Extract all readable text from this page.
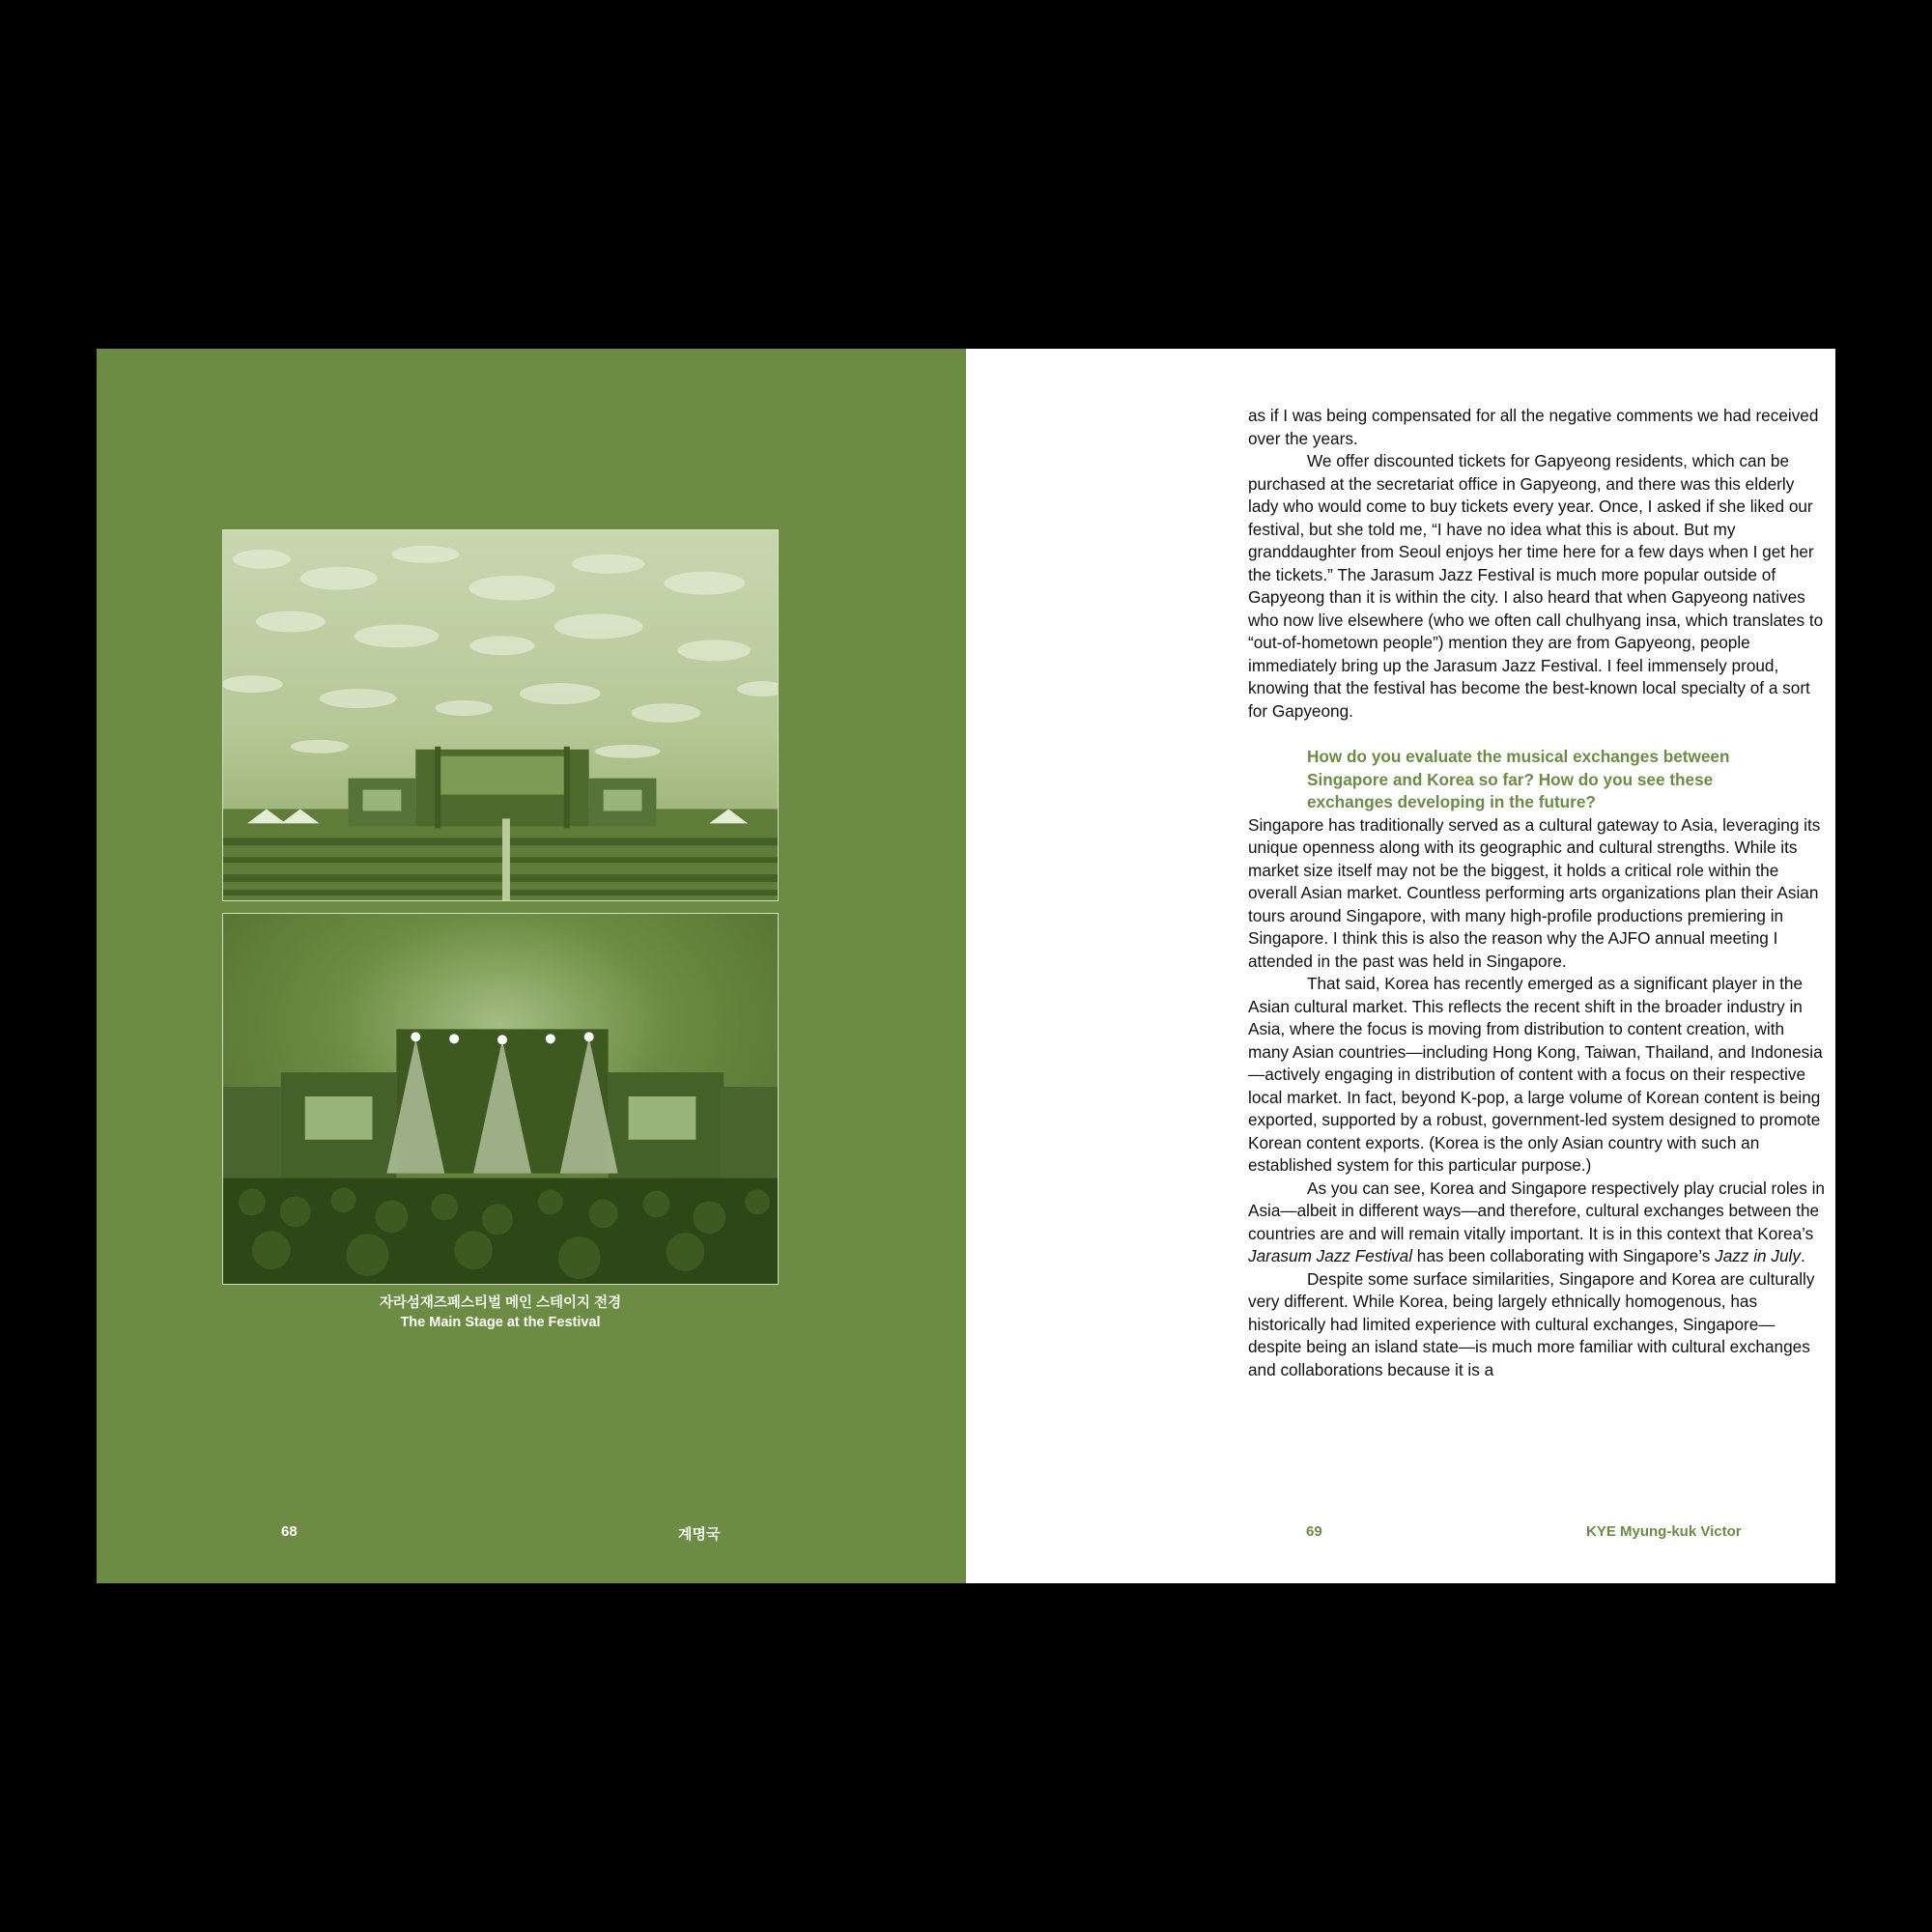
자라섬재즈페스티벌 메인 스테이지 전경
The Main Stage at the Festival
68	계명국

as if I was being compensated for all the negative comments we had received over the years.

We offer discounted tickets for Gapyeong residents, which can be purchased at the secretariat office in Gapyeong, and there was this elderly lady who would come to buy tickets every year. Once, I asked if she liked our festival, but she told me, “I have no idea what this is about. But my granddaughter from Seoul enjoys her time here for a few days when I get her the tickets.” The Jarasum Jazz Festival is much more popular outside of Gapyeong than it is within the city. I also heard that when Gapyeong natives who now live elsewhere (who we often call chulhyang insa, which translates to “out-of-hometown people”) mention they are from Gapyeong, people immediately bring up the Jarasum Jazz Festival. I feel immensely proud, knowing that the festival has become the best-known local specialty of a sort for Gapyeong.

How do you evaluate the musical exchanges between Singapore and Korea so far? How do you see these exchanges developing in the future?

Singapore has traditionally served as a cultural gateway to Asia, leveraging its unique openness along with its geographic and cultural strengths. While its market size itself may not be the biggest, it holds a critical role within the overall Asian market. Countless performing arts organizations plan their Asian tours around Singapore, with many high-profile productions premiering in Singapore. I think this is also the reason why the AJFO annual meeting I attended in the past was held in Singapore.

That said, Korea has recently emerged as a significant player in the Asian cultural market. This reflects the recent shift in the broader industry in Asia, where the focus is moving from distribution to content creation, with many Asian countries—including Hong Kong, Taiwan, Thailand, and Indonesia—actively engaging in distribution of content with a focus on their respective local market. In fact, beyond K-pop, a large volume of Korean content is being exported, supported by a robust, government-led system designed to promote Korean content exports. (Korea is the only Asian country with such an established system for this particular purpose.)

As you can see, Korea and Singapore respectively play crucial roles in Asia—albeit in different ways—and therefore, cultural exchanges between the countries are and will remain vitally important. It is in this context that Korea’s Jarasum Jazz Festival has been collaborating with Singapore’s Jazz in July.

Despite some surface similarities, Singapore and Korea are culturally very different. While Korea, being largely ethnically homogenous, has historically had limited experience with cultural exchanges, Singapore—despite being an island state—is much more familiar with cultural exchanges and collaborations because it is a

69	KYE Myung-kuk Victor
